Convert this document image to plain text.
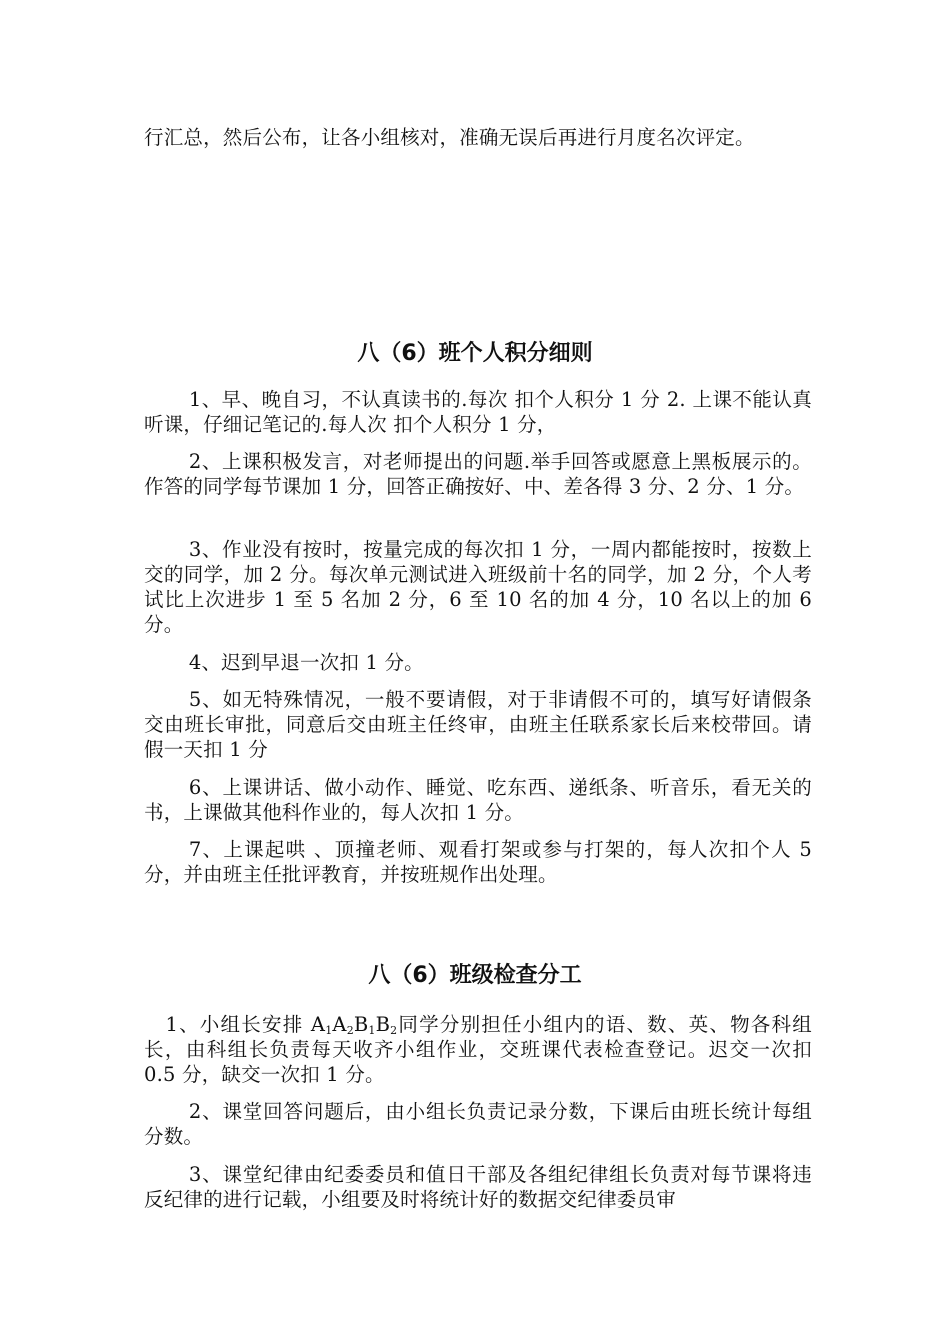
行汇总，然后公布，让各小组核对，准确无误后再进行月度名次评定。

八（6）班个人积分细则

1、早、晚自习，不认真读书的.每次 扣个人积分 1 分 2. 上课不能认真听课，仔细记笔记的.每人次 扣个人积分 1 分，

2、上课积极发言，对老师提出的问题.举手回答或愿意上黑板展示的。作答的同学每节课加 1 分，回答正确按好、中、差各得 3 分、2 分、1 分。

3、作业没有按时，按量完成的每次扣 1 分，一周内都能按时，按数上交的同学，加 2 分。每次单元测试进入班级前十名的同学，加 2 分，个人考试比上次进步 1 至 5 名加 2 分，6 至 10 名的加 4 分，10 名以上的加 6 分。

4、迟到早退一次扣 1 分。

5、如无特殊情况，一般不要请假，对于非请假不可的，填写好请假条交由班长审批，同意后交由班主任终审，由班主任联系家长后来校带回。请假一天扣 1 分

6、上课讲话、做小动作、睡觉、吃东西、递纸条、听音乐，看无关的书，上课做其他科作业的，每人次扣 1 分。

7、上课起哄 、顶撞老师、观看打架或参与打架的，每人次扣个人 5 分，并由班主任批评教育，并按班规作出处理。

八（6）班级检查分工

1、小组长安排 $A_1A_2B_1B_2$同学分别担任小组内的语、数、英、物各科组长，由科组长负责每天收齐小组作业，交班课代表检查登记。迟交一次扣 0.5 分，缺交一次扣 1 分。

2、课堂回答问题后，由小组长负责记录分数，下课后由班长统计每组分数。

3、课堂纪律由纪委委员和值日干部及各组纪律组长负责对每节课将违反纪律的进行记载，小组要及时将统计好的数据交纪律委员审
